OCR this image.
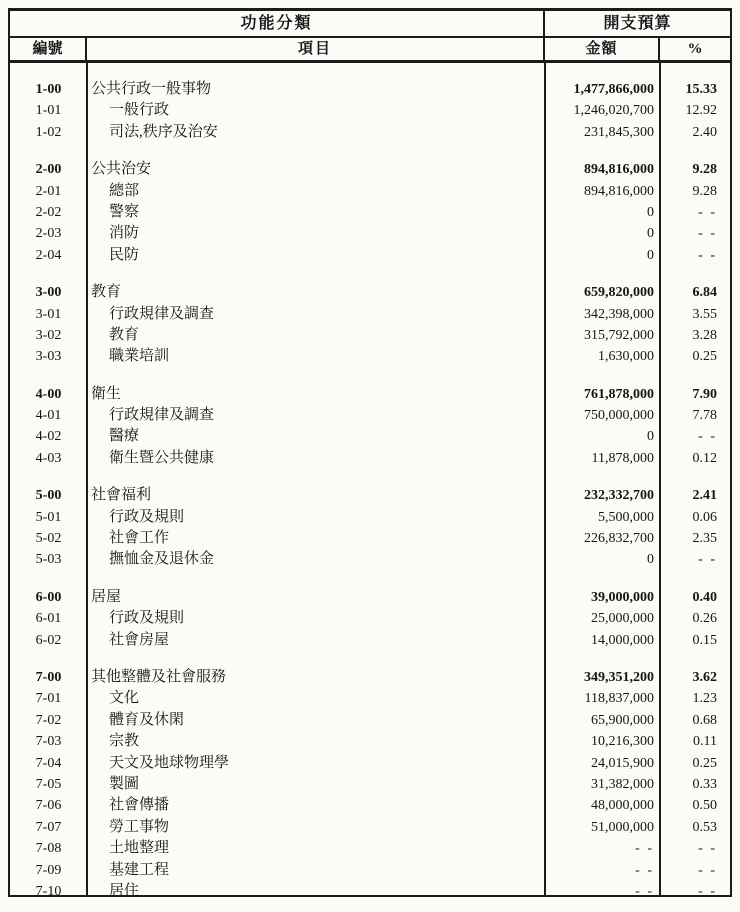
功能分類	開支預算
編號	項目	金額	%
1-00	公共行政一般事物	1,477,866,000	15.33
1-01	一般行政	1,246,020,700	12.92
1-02	司法,秩序及治安	231,845,300	2.40
2-00	公共治安	894,816,000	9.28
2-01	總部	894,816,000	9.28
2-02	警察	0	- -
2-03	消防	0	- -
2-04	民防	0	- -
3-00	教育	659,820,000	6.84
3-01	行政規律及調查	342,398,000	3.55
3-02	教育	315,792,000	3.28
3-03	職業培訓	1,630,000	0.25
4-00	衛生	761,878,000	7.90
4-01	行政規律及調查	750,000,000	7.78
4-02	醫療	0	- -
4-03	衛生暨公共健康	11,878,000	0.12
5-00	社會福利	232,332,700	2.41
5-01	行政及規則	5,500,000	0.06
5-02	社會工作	226,832,700	2.35
5-03	撫恤金及退休金	0	- -
6-00	居屋	39,000,000	0.40
6-01	行政及規則	25,000,000	0.26
6-02	社會房屋	14,000,000	0.15
7-00	其他整體及社會服務	349,351,200	3.62
7-01	文化	118,837,000	1.23
7-02	體育及休閑	65,900,000	0.68
7-03	宗教	10,216,300	0.11
7-04	天文及地球物理學	24,015,900	0.25
7-05	製圖	31,382,000	0.33
7-06	社會傳播	48,000,000	0.50
7-07	勞工事物	51,000,000	0.53
7-08	土地整理	- -	- -
7-09	基建工程	- -	- -
7-10	居住	- -	- -
